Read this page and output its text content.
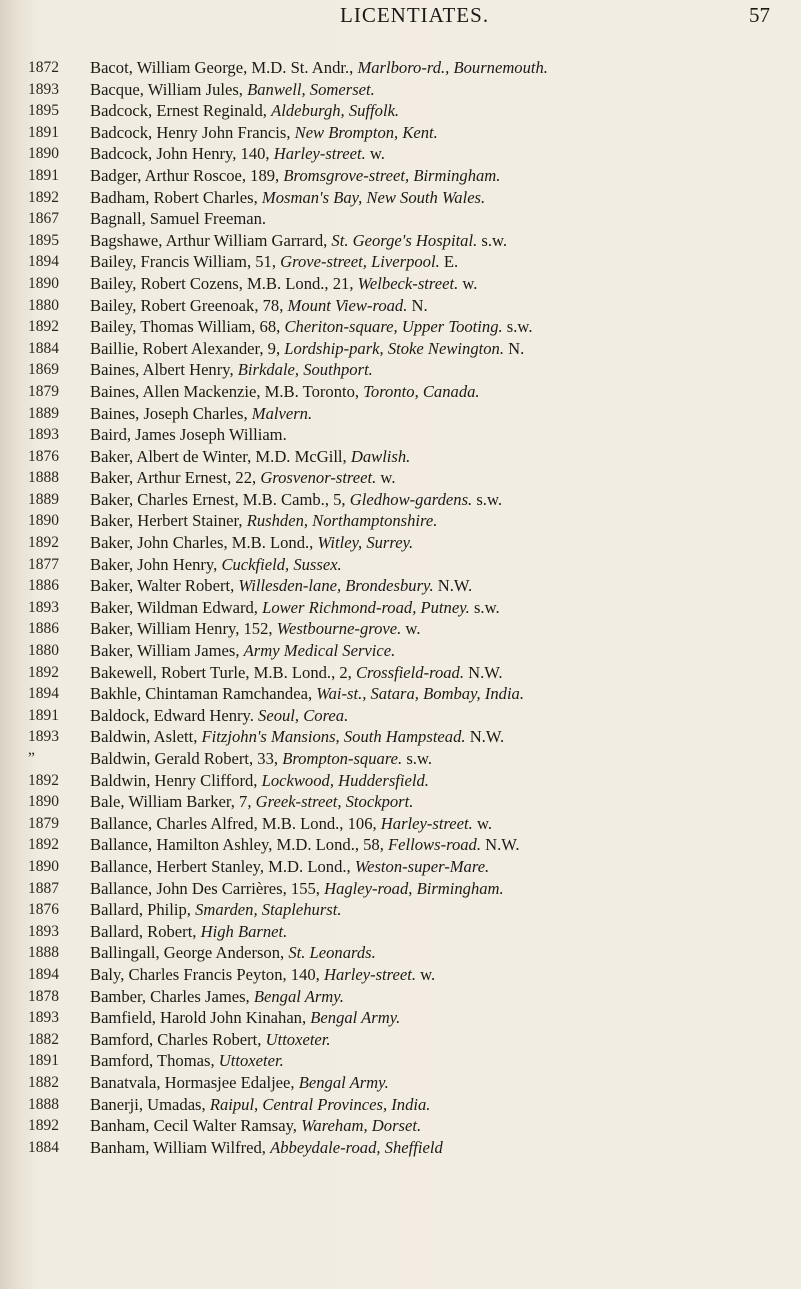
LICENTIATES.	57
1872
1893
1895
1891
1890
1891
1892
1867
1895
1894
1890
1880
1892
1884
1869
1879
1889
1893
1876
1888
1889
1890
1892
1877
1886
1893
1886
1880
1892
1894
1891
1893
”
1892
1890
1879
1892
1890
1887
1876
1893
1888
1894
1878
1893
1882
1891
1882
1888
1892
1884
Bacot, William George, M.D. St. Andr., Marlboro-rd., Bournemouth.
Bacque, William Jules, Banwell, Somerset.
Badcock, Ernest Reginald, Aldeburgh, Suffolk.
Badcock, Henry John Francis, New Brompton, Kent.
Badcock, John Henry, 140, Harley-street. w.
Badger, Arthur Roscoe, 189, Bromsgrove-street, Birmingham.
Badham, Robert Charles, Mosman's Bay, New South Wales.
Bagnall, Samuel Freeman.
Bagshawe, Arthur William Garrard, St. George's Hospital. s.w.
Bailey, Francis William, 51, Grove-street, Liverpool. E.
Bailey, Robert Cozens, M.B. Lond., 21, Welbeck-street. w.
Bailey, Robert Greenoak, 78, Mount View-road. N.
Bailey, Thomas William, 68, Cheriton-square, Upper Tooting. s.w.
Baillie, Robert Alexander, 9, Lordship-park, Stoke Newington. N.
Baines, Albert Henry, Birkdale, Southport.
Baines, Allen Mackenzie, M.B. Toronto, Toronto, Canada.
Baines, Joseph Charles, Malvern.
Baird, James Joseph William.
Baker, Albert de Winter, M.D. McGill, Dawlish.
Baker, Arthur Ernest, 22, Grosvenor-street. w.
Baker, Charles Ernest, M.B. Camb., 5, Gledhow-gardens. s.w.
Baker, Herbert Stainer, Rushden, Northamptonshire.
Baker, John Charles, M.B. Lond., Witley, Surrey.
Baker, John Henry, Cuckfield, Sussex.
Baker, Walter Robert, Willesden-lane, Brondesbury. N.W.
Baker, Wildman Edward, Lower Richmond-road, Putney. s.w.
Baker, William Henry, 152, Westbourne-grove. w.
Baker, William James, Army Medical Service.
Bakewell, Robert Turle, M.B. Lond., 2, Crossfield-road. N.W.
Bakhle, Chintaman Ramchandea, Wai-st., Satara, Bombay, India.
Baldock, Edward Henry. Seoul, Corea.
Baldwin, Aslett, Fitzjohn's Mansions, South Hampstead. N.W.
Baldwin, Gerald Robert, 33, Brompton-square. s.w.
Baldwin, Henry Clifford, Lockwood, Huddersfield.
Bale, William Barker, 7, Greek-street, Stockport.
Ballance, Charles Alfred, M.B. Lond., 106, Harley-street. w.
Ballance, Hamilton Ashley, M.D. Lond., 58, Fellows-road. N.W.
Ballance, Herbert Stanley, M.D. Lond., Weston-super-Mare.
Ballance, John Des Carrières, 155, Hagley-road, Birmingham.
Ballard, Philip, Smarden, Staplehurst.
Ballard, Robert, High Barnet.
Ballingall, George Anderson, St. Leonards.
Baly, Charles Francis Peyton, 140, Harley-street. w.
Bamber, Charles James, Bengal Army.
Bamfield, Harold John Kinahan, Bengal Army.
Bamford, Charles Robert, Uttoxeter.
Bamford, Thomas, Uttoxeter.
Banatvala, Hormasjee Edaljee, Bengal Army.
Banerji, Umadas, Raipul, Central Provinces, India.
Banham, Cecil Walter Ramsay, Wareham, Dorset.
Banham, William Wilfred, Abbeydale-road, Sheffield
